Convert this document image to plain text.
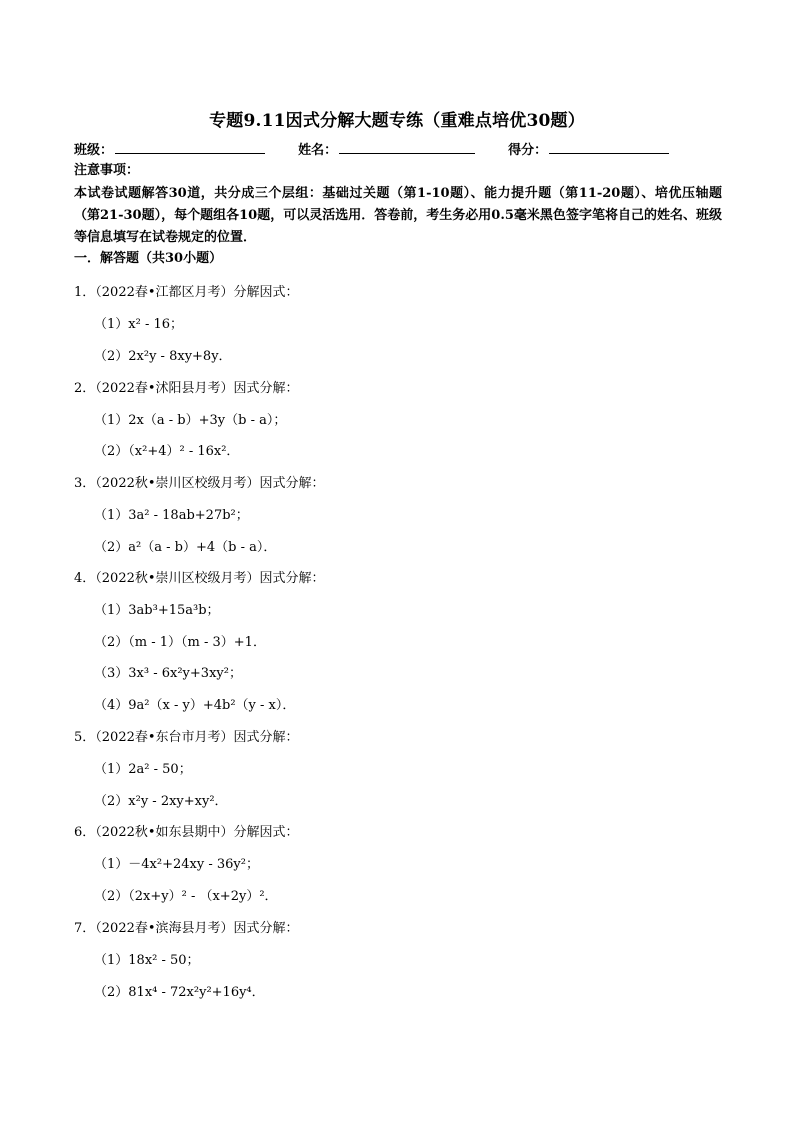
专题9.11因式分解大题专练（重难点培优30题）
班级：	姓名：	得分：
注意事项：
本试卷试题解答30道，共分成三个层组：基础过关题（第1-10题）、能力提升题（第11-20题）、培优压轴题（第21-30题），每个题组各10题，可以灵活选用．答卷前，考生务必用0.5毫米黑色签字笔将自己的姓名、班级等信息填写在试卷规定的位置．
一．解答题（共30小题）
1．（2022春•江都区月考）分解因式：
（1）x² - 16；
（2）2x²y - 8xy+8y．
2．（2022春•沭阳县月考）因式分解：
（1）2x（a - b）+3y（b - a）；
（2）（x²+4）² - 16x²．
3．（2022秋•崇川区校级月考）因式分解：
（1）3a² - 18ab+27b²；
（2）a²（a - b）+4（b - a）．
4．（2022秋•崇川区校级月考）因式分解：
（1）3ab³+15a³b；
（2）（m - 1）（m - 3）+1．
（3）3x³ - 6x²y+3xy²；
（4）9a²（x - y）+4b²（y - x）．
5．（2022春•东台市月考）因式分解：
（1）2a² - 50；
（2）x²y - 2xy+xy²．
6．（2022秋•如东县期中）分解因式：
（1）－4x²+24xy - 36y²；
（2）（2x+y）² - （x+2y）²．
7．（2022春•滨海县月考）因式分解：
（1）18x² - 50；
（2）81x⁴ - 72x²y²+16y⁴．
